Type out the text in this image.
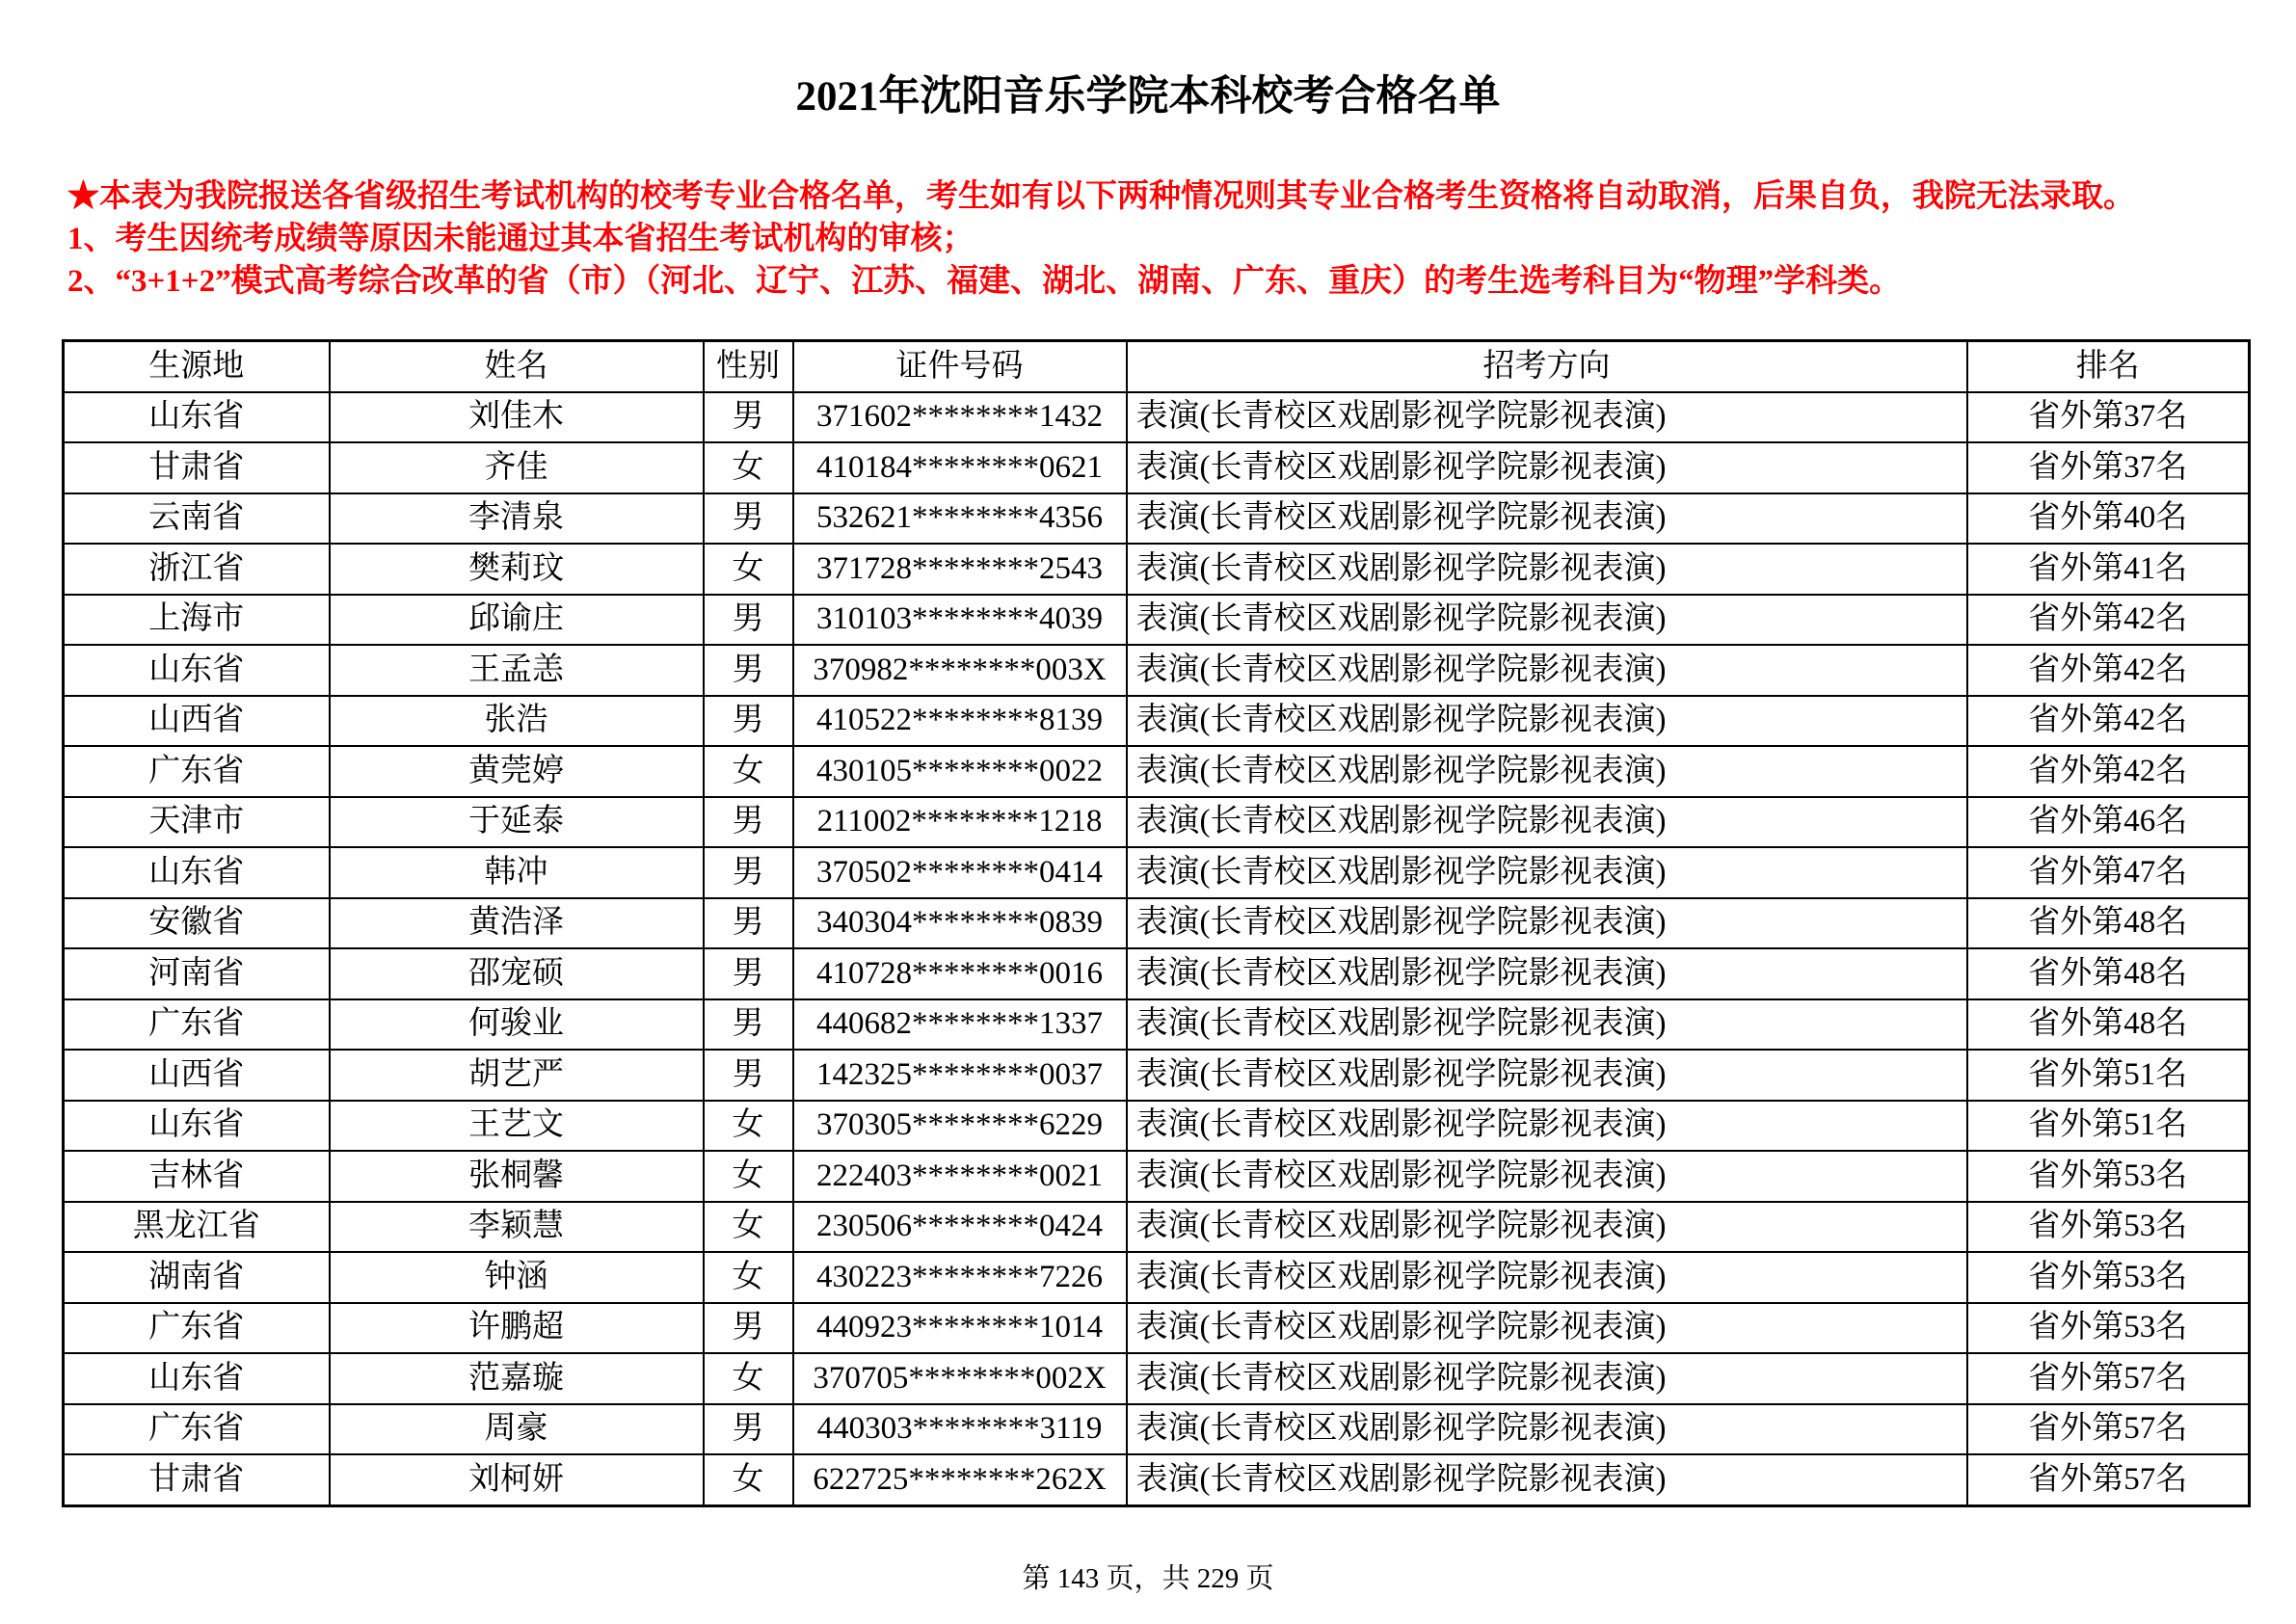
2021年沈阳音乐学院本科校考合格名单
★本表为我院报送各省级招生考试机构的校考专业合格名单，考生如有以下两种情况则其专业合格考生资格将自动取消，后果自负，我院无法录取。
1、考生因统考成绩等原因未能通过其本省招生考试机构的审核；
2、“3+1+2”模式高考综合改革的省（市）（河北、辽宁、江苏、福建、湖北、湖南、广东、重庆）的考生选考科目为“物理”学科类。
生源地	姓名	性别	证件号码	招考方向	排名
山东省	刘佳木	男	371602********1432	表演(长青校区戏剧影视学院影视表演)	省外第37名
甘肃省	齐佳	女	410184********0621	表演(长青校区戏剧影视学院影视表演)	省外第37名
云南省	李清泉	男	532621********4356	表演(长青校区戏剧影视学院影视表演)	省外第40名
浙江省	樊莉玟	女	371728********2543	表演(长青校区戏剧影视学院影视表演)	省外第41名
上海市	邱谕庄	男	310103********4039	表演(长青校区戏剧影视学院影视表演)	省外第42名
山东省	王孟恙	男	370982********003X	表演(长青校区戏剧影视学院影视表演)	省外第42名
山西省	张浩	男	410522********8139	表演(长青校区戏剧影视学院影视表演)	省外第42名
广东省	黄莞婷	女	430105********0022	表演(长青校区戏剧影视学院影视表演)	省外第42名
天津市	于延泰	男	211002********1218	表演(长青校区戏剧影视学院影视表演)	省外第46名
山东省	韩冲	男	370502********0414	表演(长青校区戏剧影视学院影视表演)	省外第47名
安徽省	黄浩泽	男	340304********0839	表演(长青校区戏剧影视学院影视表演)	省外第48名
河南省	邵宠硕	男	410728********0016	表演(长青校区戏剧影视学院影视表演)	省外第48名
广东省	何骏业	男	440682********1337	表演(长青校区戏剧影视学院影视表演)	省外第48名
山西省	胡艺严	男	142325********0037	表演(长青校区戏剧影视学院影视表演)	省外第51名
山东省	王艺文	女	370305********6229	表演(长青校区戏剧影视学院影视表演)	省外第51名
吉林省	张桐馨	女	222403********0021	表演(长青校区戏剧影视学院影视表演)	省外第53名
黑龙江省	李颖慧	女	230506********0424	表演(长青校区戏剧影视学院影视表演)	省外第53名
湖南省	钟涵	女	430223********7226	表演(长青校区戏剧影视学院影视表演)	省外第53名
广东省	许鹏超	男	440923********1014	表演(长青校区戏剧影视学院影视表演)	省外第53名
山东省	范嘉璇	女	370705********002X	表演(长青校区戏剧影视学院影视表演)	省外第57名
广东省	周豪	男	440303********3119	表演(长青校区戏剧影视学院影视表演)	省外第57名
甘肃省	刘柯妍	女	622725********262X	表演(长青校区戏剧影视学院影视表演)	省外第57名
第 143 页，共 229 页
